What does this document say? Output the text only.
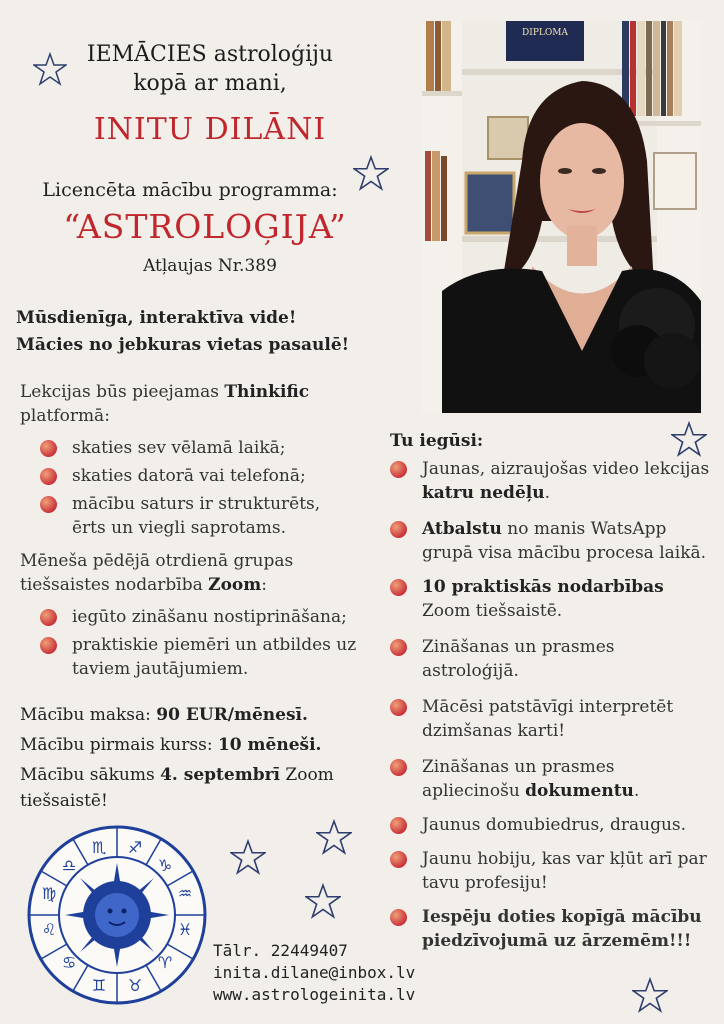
IEMĀCIES astroloģiju
kopā ar mani,
INITU DILĀNI
Licencēta mācību programma:
“ASTROLOĢIJA”
Atļaujas Nr.389
Mūsdienīga, interaktīva vide!
Mācies no jebkuras vietas pasaulē!
Lekcijas būs pieejamas Thinkific platformā:
skaties sev vēlamā laikā;
skaties datorā vai telefonā;
mācību saturs ir strukturēts, ērts un viegli saprotams.
Mēneša pēdējā otrdienā grupas tiešsaistes nodarbība Zoom:
iegūto zināšanu nostiprināšana;
praktiskie piemēri un atbildes uz taviem jautājumiem.
Mācību maksa: 90 EUR/mēnesī.
Mācību pirmais kurss: 10 mēneši.
Mācību sākums 4. septembrī Zoom tiešsaistē!
DIPLOMA
Tu iegūsi:
Jaunas, aizraujošas video lekcijas katru nedēļu.
Atbalstu no manis WatsApp grupā visa mācību procesa laikā.
10 praktiskās nodarbības Zoom tiešsaistē.
Zināšanas un prasmes astroloģijā.
Mācēsi patstāvīgi interpretēt dzimšanas karti!
Zināšanas un prasmes apliecinošu dokumentu.
Jaunus domubiedrus, draugus.
Jaunu hobiju, kas var kļūt arī par tavu profesiju!
Iespēju doties kopīgā mācību piedzīvojumā uz ārzemēm!!!
♏ ♐
♑
♒
♓
♈
♉
♊
♋
♌
♍
♎
Tālr. 22449407
inita.dilane@inbox.lv
www.astrologeinita.lv
